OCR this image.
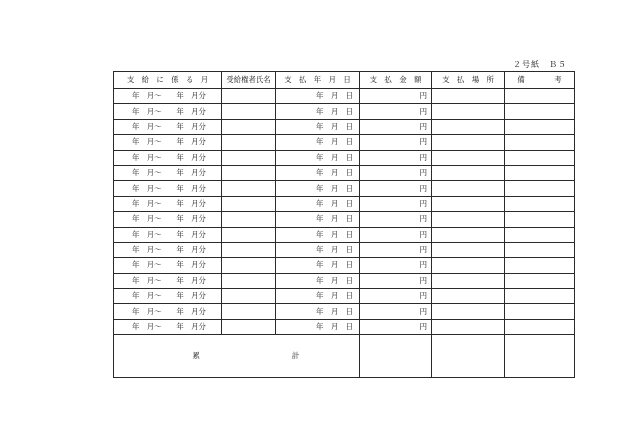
２号紙　Ｂ５
支　給　に　係　る　月	受給権者氏名	支　払　年　月　日	支　払　金　額	支　払　場　所	備　　　　考
年　月～　　年　月分		年　月　日	円		
年　月～　　年　月分		年　月　日	円		
年　月～　　年　月分		年　月　日	円		
年　月～　　年　月分		年　月　日	円		
年　月～　　年　月分		年　月　日	円		
年　月～　　年　月分		年　月　日	円		
年　月～　　年　月分		年　月　日	円		
年　月～　　年　月分		年　月　日	円		
年　月～　　年　月分		年　月　日	円		
年　月～　　年　月分		年　月　日	円		
年　月～　　年　月分		年　月　日	円		
年　月～　　年　月分		年　月　日	円		
年　月～　　年　月分		年　月　日	円		
年　月～　　年　月分		年　月　日	円		
年　月～　　年　月分		年　月　日	円		
年　月～　　年　月分		年　月　日	円		

累 計		
